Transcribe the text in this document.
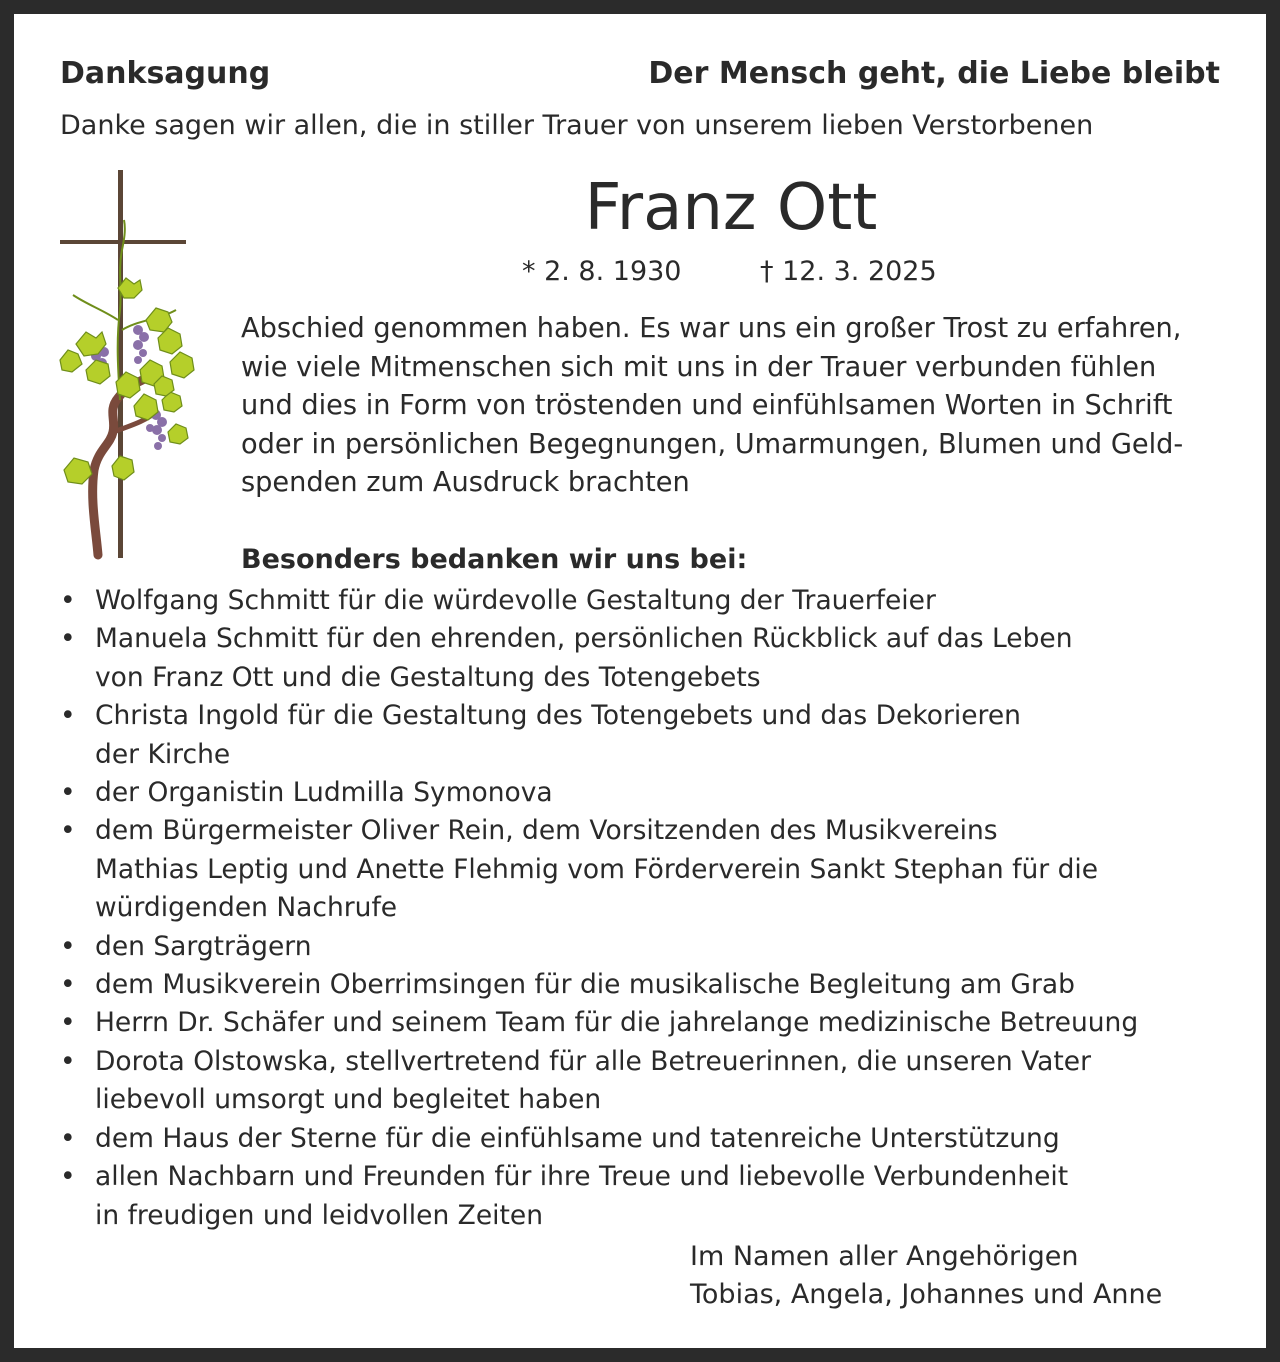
Danksagung	Der Mensch geht, die Liebe bleibt
Danke sagen wir allen, die in stiller Trauer von unserem lieben Verstorbenen
Franz Ott
* 2. 8. 1930	† 12. 3. 2025
Abschied genommen haben. Es war uns ein großer Trost zu erfahren,
wie viele Mitmenschen sich mit uns in der Trauer verbunden fühlen
und dies in Form von tröstenden und einfühlsamen Worten in Schrift
oder in persönlichen Begegnungen, Umarmungen, Blumen und Geld-
spenden zum Ausdruck brachten
Besonders bedanken wir uns bei:
• Wolfgang Schmitt für die würdevolle Gestaltung der Trauerfeier
• Manuela Schmitt für den ehrenden, persönlichen Rückblick auf das Leben
von Franz Ott und die Gestaltung des Totengebets
• Christa Ingold für die Gestaltung des Totengebets und das Dekorieren
der Kirche
• der Organistin Ludmilla Symonova
• dem Bürgermeister Oliver Rein, dem Vorsitzenden des Musikvereins
Mathias Leptig und Anette Flehmig vom Förderverein Sankt Stephan für die
würdigenden Nachrufe
• den Sargträgern
• dem Musikverein Oberrimsingen für die musikalische Begleitung am Grab
• Herrn Dr. Schäfer und seinem Team für die jahrelange medizinische Betreuung
• Dorota Olstowska, stellvertretend für alle Betreuerinnen, die unseren Vater
liebevoll umsorgt und begleitet haben
• dem Haus der Sterne für die einfühlsame und tatenreiche Unterstützung
• allen Nachbarn und Freunden für ihre Treue und liebevolle Verbundenheit
in freudigen und leidvollen Zeiten
Im Namen aller Angehörigen
Tobias, Angela, Johannes und Anne
